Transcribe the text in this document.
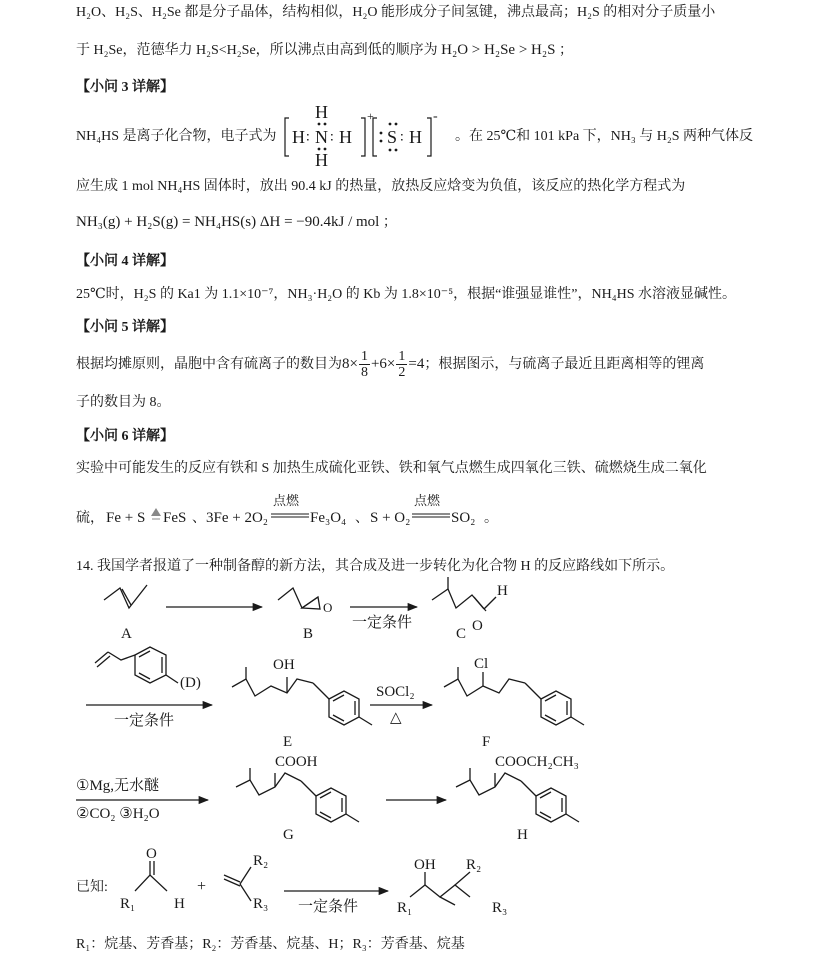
H₂O、H₂S、H₂Se 都是分子晶体，结构相似，H₂O 能形成分子间氢键，沸点最高；H₂S 的相对分子质量小
于 H₂Se，范德华力 H₂S<H₂Se，所以沸点由高到低的顺序为 H₂O > H₂Se > H₂S ；
【小问 3 详解】
NH₄HS 是离子化合物，电子式为	。在 25℃和 101 kPa 下，NH₃ 与 H₂S 两种气体反
H ∶ N ∶ H
H
H
+
S ∶ H
-
应生成 1 mol NH₄HS 固体时，放出 90.4 kJ 的热量，放热反应焓变为负值，该反应的热化学方程式为
NH₃(g) + H₂S(g) = NH₄HS(s) ΔH = −90.4kJ / mol ；
【小问 4 详解】
25℃时，H₂S 的 Ka1 为 1.1×10⁻⁷，NH₃·H₂O 的 Kb 为 1.8×10⁻⁵，根据“谁强显谁性”，NH₄HS 水溶液显碱性。
【小问 5 详解】
根据均摊原则，晶胞中含有硫离子的数目为$8\times \frac{1}{8} +6\times \frac{1}{2} =4$；根据图示，与硫离子最近且距离相等的锂离
子的数目为 8。
【小问 6 详解】
实验中可能发生的反应有铁和 S 加热生成硫化亚铁、铁和氧气点燃生成四氧化三铁、硫燃烧生成二氧化
硫， Fe + S FeS 、 3Fe + 2O₂
点燃
Fe₃O₄ 、 S + O₂
点燃
SO₂ 。
14. 我国学者报道了一种制备醇的新方法，其合成及进一步转化为化合物 H 的反应路线如下所示。
A	B
O
一定条件
C
H
O
(D)
一定条件
OH
E
SOCl₂
△
Cl
F
①Mg,无水醚
②CO₂ ③H₂O
COOH
G
COOCH₂CH₃
H
已知:
O
R₁	H
+
R₂
R₃ 一定条件
OH R₂
R₁	R₃
R₁：烷基、芳香基；R₂：芳香基、烷基、H；R₃：芳香基、烷基
